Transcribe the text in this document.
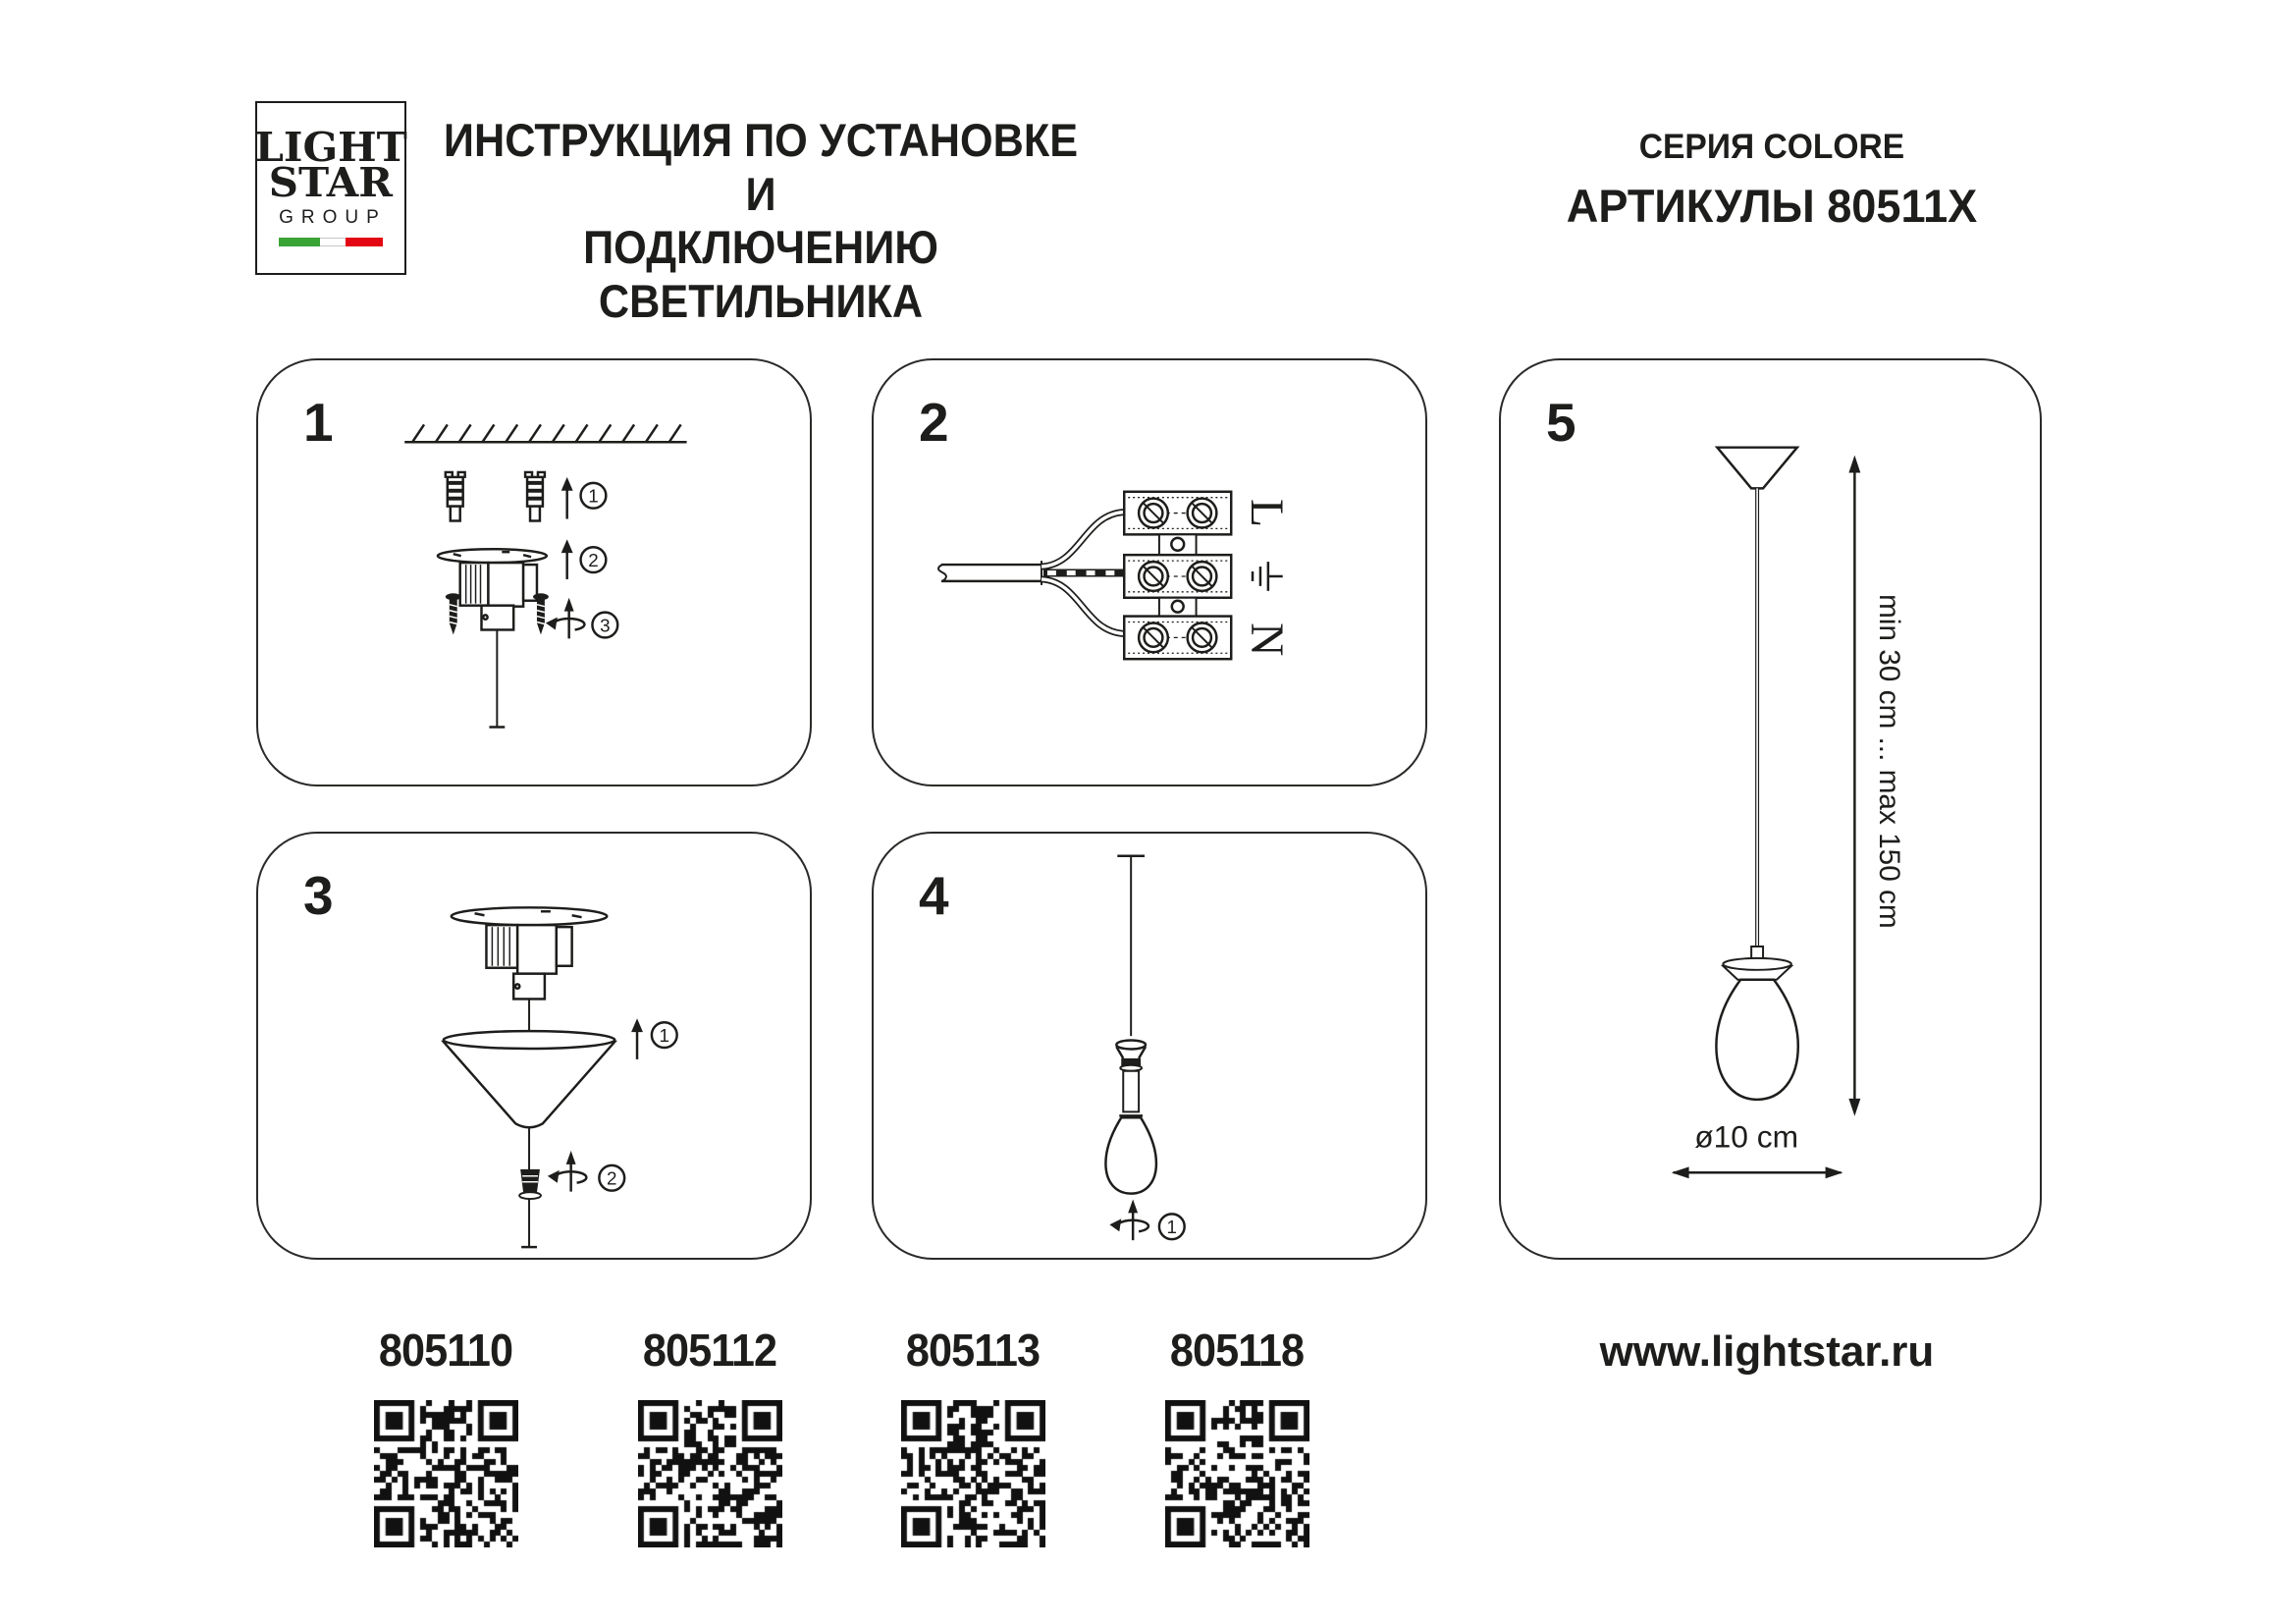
LIGHT
STAR
GROUP
ИНСТРУКЦИЯ ПО УСТАНОВКЕ И
ПОДКЛЮЧЕНИЮ СВЕТИЛЬНИКА
СЕРИЯ COLORE
АРТИКУЛЫ 80511X
1
1
2
3
2
L
N
3
1
2
4
1
5
min 30 cm ... max 150 cm
ø10 cm
805110	805112	805113	805118	www.lightstar.ru
